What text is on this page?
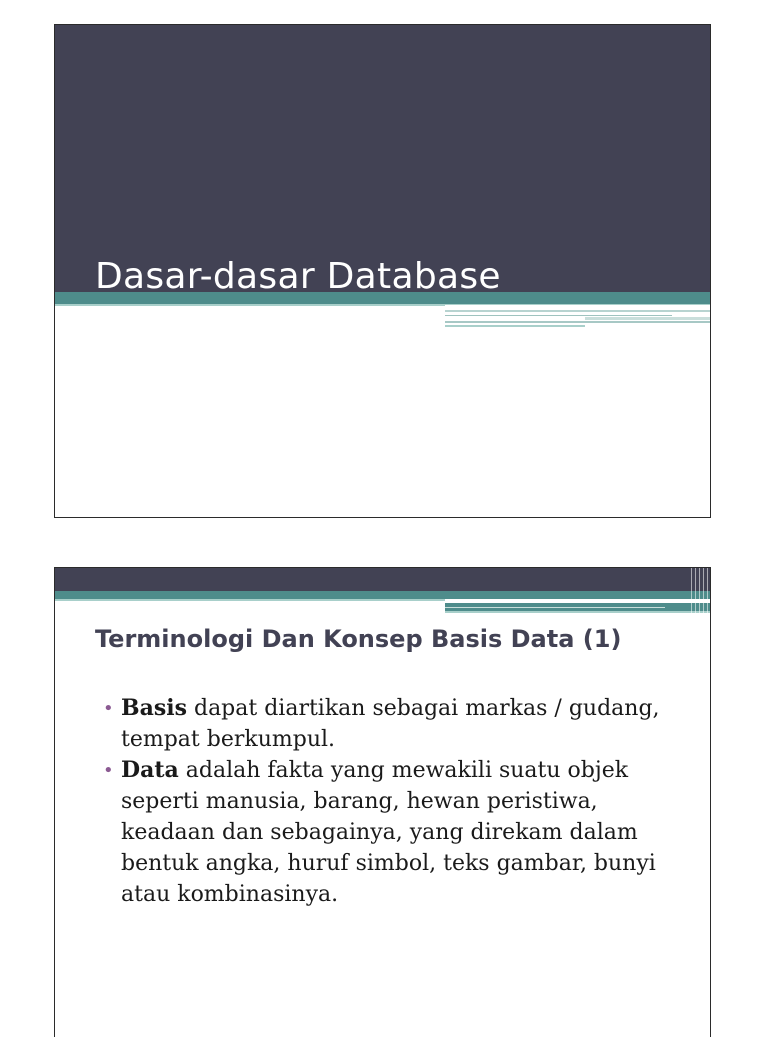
Dasar-dasar Database
Terminologi Dan Konsep Basis Data (1)
• Basis dapat diartikan sebagai markas / gudang, tempat berkumpul.
• Data adalah fakta yang mewakili suatu objek seperti manusia, barang, hewan peristiwa, keadaan dan sebagainya, yang direkam dalam bentuk angka, huruf simbol, teks gambar, bunyi atau kombinasinya.
